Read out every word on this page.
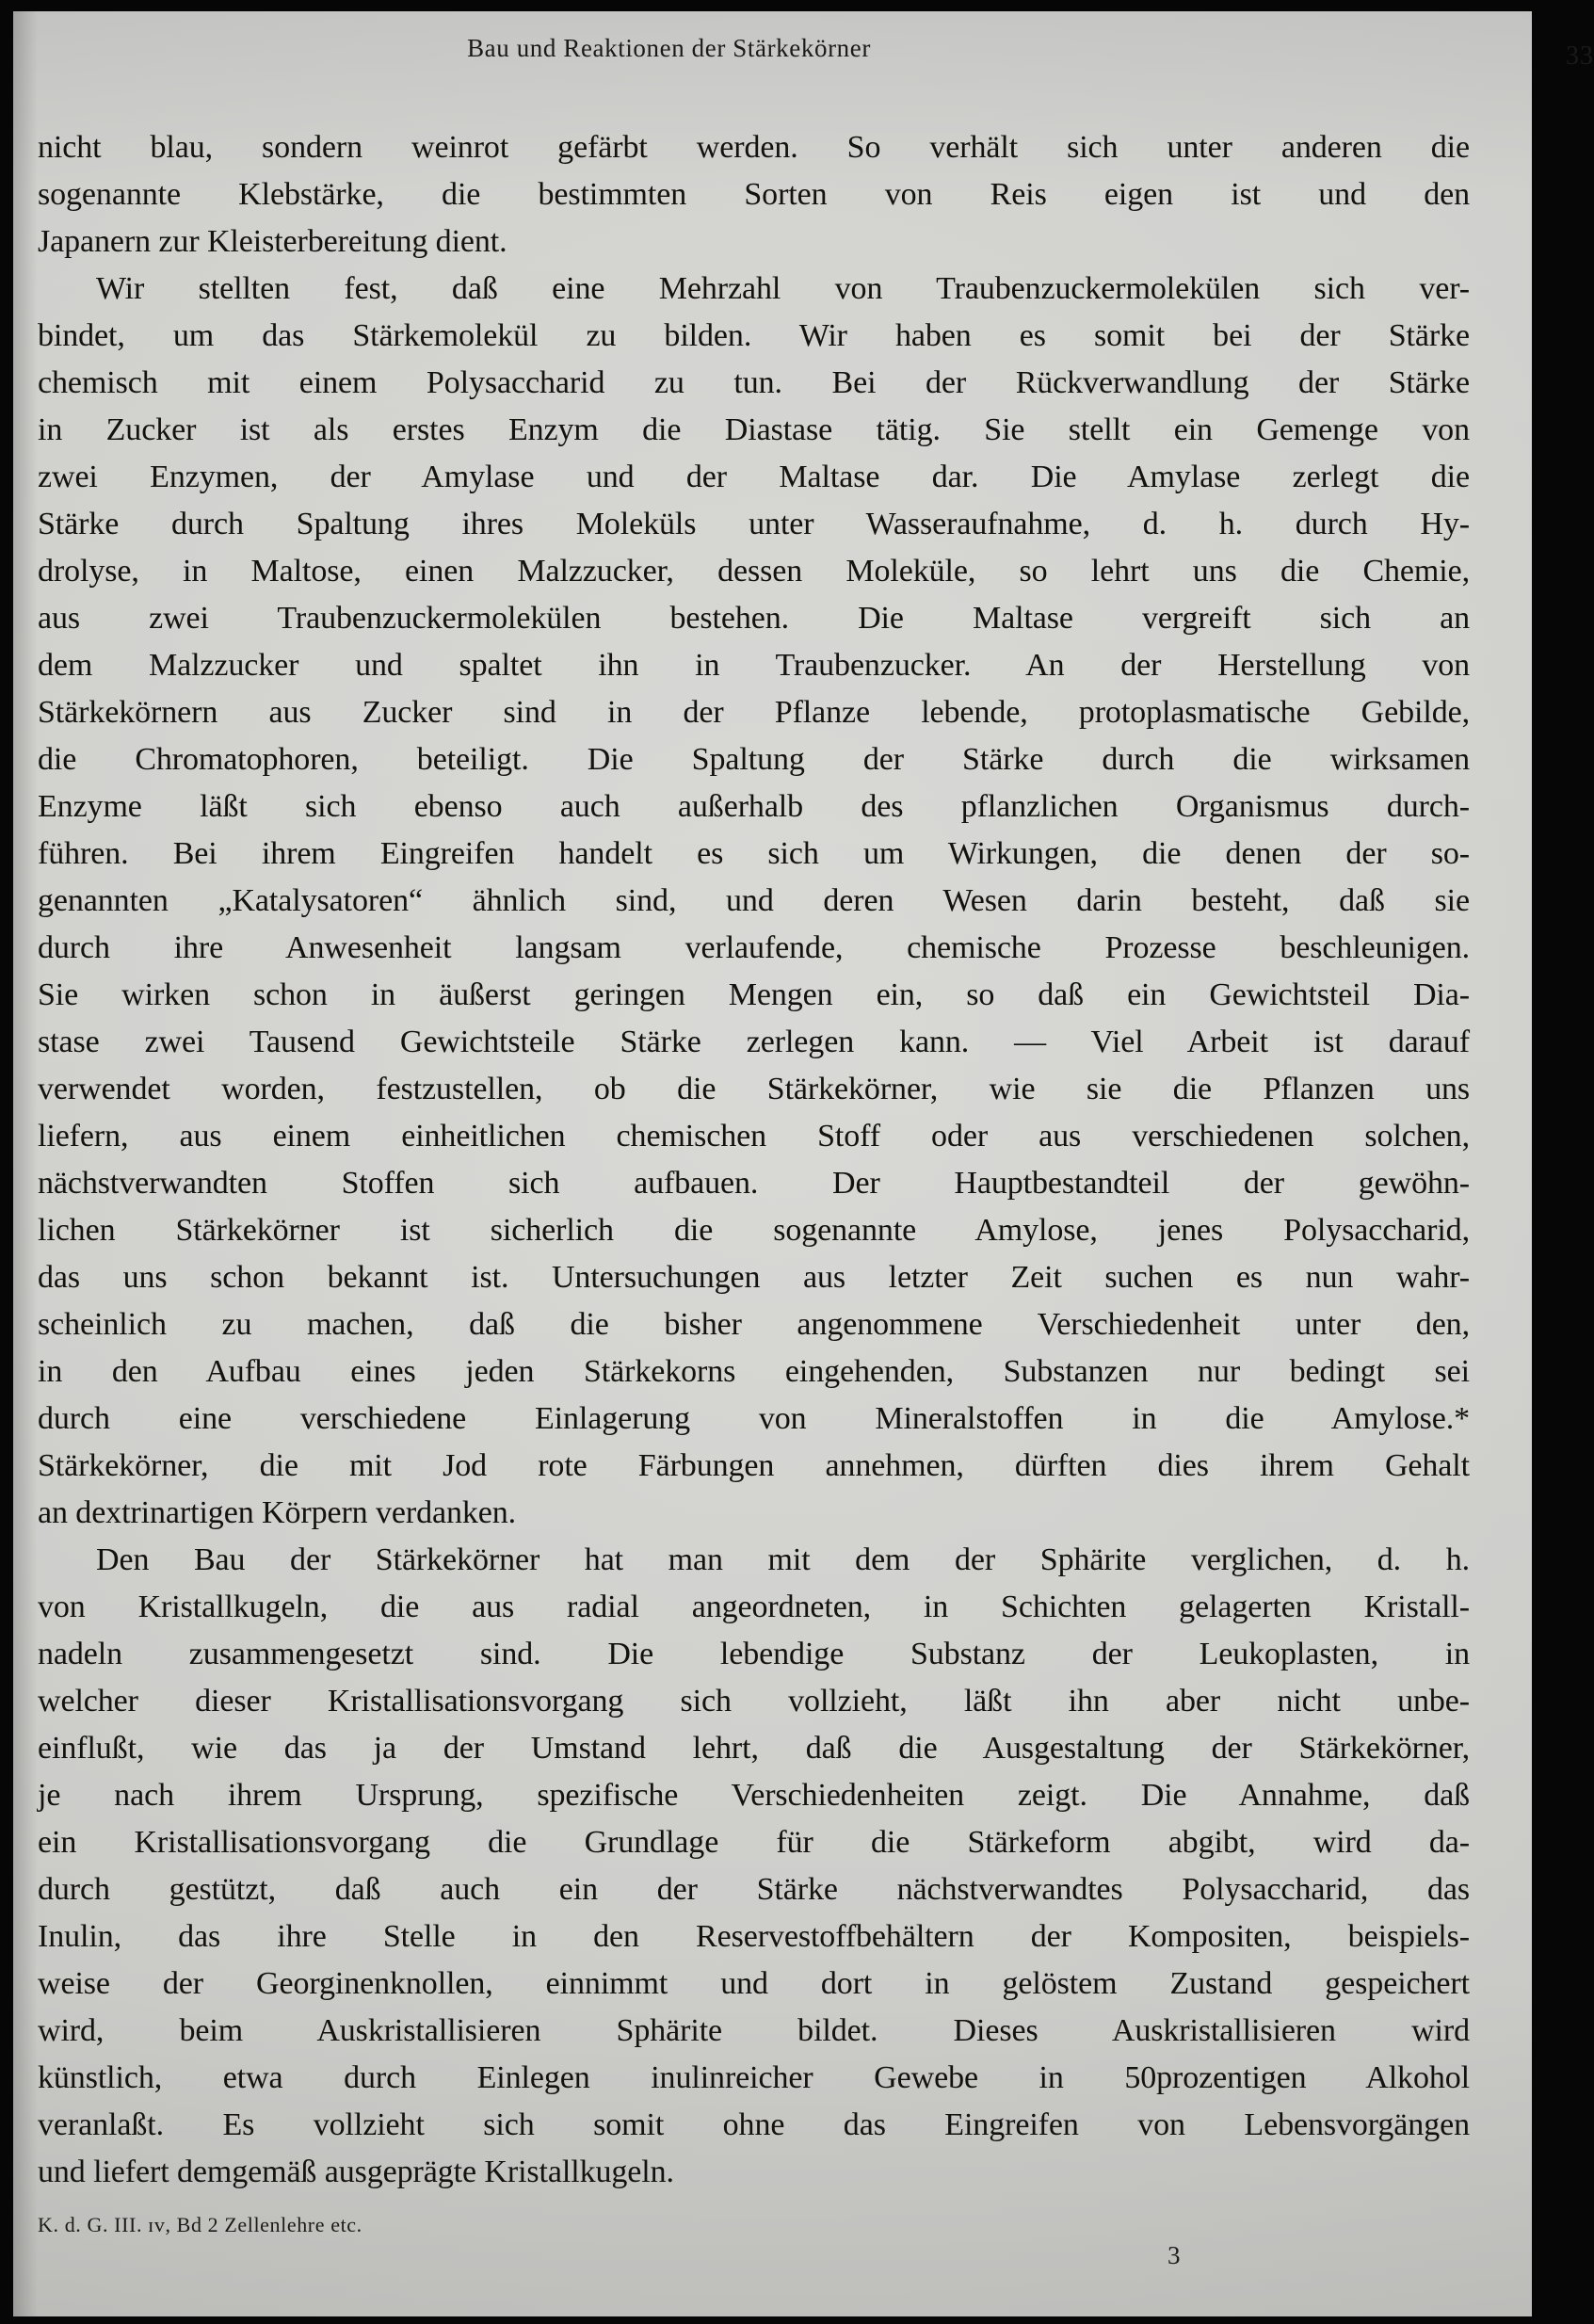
Bau und Reaktionen der Stärkekörner	33
nicht blau, sondern weinrot gefärbt werden. So verhält sich unter anderen die
sogenannte Klebstärke, die bestimmten Sorten von Reis eigen ist und den
Japanern zur Kleisterbereitung dient.
Wir stellten fest, daß eine Mehrzahl von Traubenzuckermolekülen sich ver-
bindet, um das Stärkemolekül zu bilden. Wir haben es somit bei der Stärke
chemisch mit einem Polysaccharid zu tun. Bei der Rückverwandlung der Stärke
in Zucker ist als erstes Enzym die Diastase tätig. Sie stellt ein Gemenge von
zwei Enzymen, der Amylase und der Maltase dar. Die Amylase zerlegt die
Stärke durch Spaltung ihres Moleküls unter Wasseraufnahme, d. h. durch Hy-
drolyse, in Maltose, einen Malzzucker, dessen Moleküle, so lehrt uns die Chemie,
aus zwei Traubenzuckermolekülen bestehen. Die Maltase vergreift sich an
dem Malzzucker und spaltet ihn in Traubenzucker. An der Herstellung von
Stärkekörnern aus Zucker sind in der Pflanze lebende, protoplasmatische Gebilde,
die Chromatophoren, beteiligt. Die Spaltung der Stärke durch die wirksamen
Enzyme läßt sich ebenso auch außerhalb des pflanzlichen Organismus durch-
führen. Bei ihrem Eingreifen handelt es sich um Wirkungen, die denen der so-
genannten „Katalysatoren“ ähnlich sind, und deren Wesen darin besteht, daß sie
durch ihre Anwesenheit langsam verlaufende, chemische Prozesse beschleunigen.
Sie wirken schon in äußerst geringen Mengen ein, so daß ein Gewichtsteil Dia-
stase zwei Tausend Gewichtsteile Stärke zerlegen kann. — Viel Arbeit ist darauf
verwendet worden, festzustellen, ob die Stärkekörner, wie sie die Pflanzen uns
liefern, aus einem einheitlichen chemischen Stoff oder aus verschiedenen solchen,
nächstverwandten Stoffen sich aufbauen. Der Hauptbestandteil der gewöhn-
lichen Stärkekörner ist sicherlich die sogenannte Amylose, jenes Polysaccharid,
das uns schon bekannt ist. Untersuchungen aus letzter Zeit suchen es nun wahr-
scheinlich zu machen, daß die bisher angenommene Verschiedenheit unter den,
in den Aufbau eines jeden Stärkekorns eingehenden, Substanzen nur bedingt sei
durch eine verschiedene Einlagerung von Mineralstoffen in die Amylose.*
Stärkekörner, die mit Jod rote Färbungen annehmen, dürften dies ihrem Gehalt
an dextrinartigen Körpern verdanken.
Den Bau der Stärkekörner hat man mit dem der Sphärite verglichen, d. h.
von Kristallkugeln, die aus radial angeordneten, in Schichten gelagerten Kristall-
nadeln zusammengesetzt sind. Die lebendige Substanz der Leukoplasten, in
welcher dieser Kristallisationsvorgang sich vollzieht, läßt ihn aber nicht unbe-
einflußt, wie das ja der Umstand lehrt, daß die Ausgestaltung der Stärkekörner,
je nach ihrem Ursprung, spezifische Verschiedenheiten zeigt. Die Annahme, daß
ein Kristallisationsvorgang die Grundlage für die Stärkeform abgibt, wird da-
durch gestützt, daß auch ein der Stärke nächstverwandtes Polysaccharid, das
Inulin, das ihre Stelle in den Reservestoffbehältern der Kompositen, beispiels-
weise der Georginenknollen, einnimmt und dort in gelöstem Zustand gespeichert
wird, beim Auskristallisieren Sphärite bildet. Dieses Auskristallisieren wird
künstlich, etwa durch Einlegen inulinreicher Gewebe in 50prozentigen Alkohol
veranlaßt. Es vollzieht sich somit ohne das Eingreifen von Lebensvorgängen
und liefert demgemäß ausgeprägte Kristallkugeln.
K. d. G. III. ɪᴠ, Bd 2 Zellenlehre etc.
3
